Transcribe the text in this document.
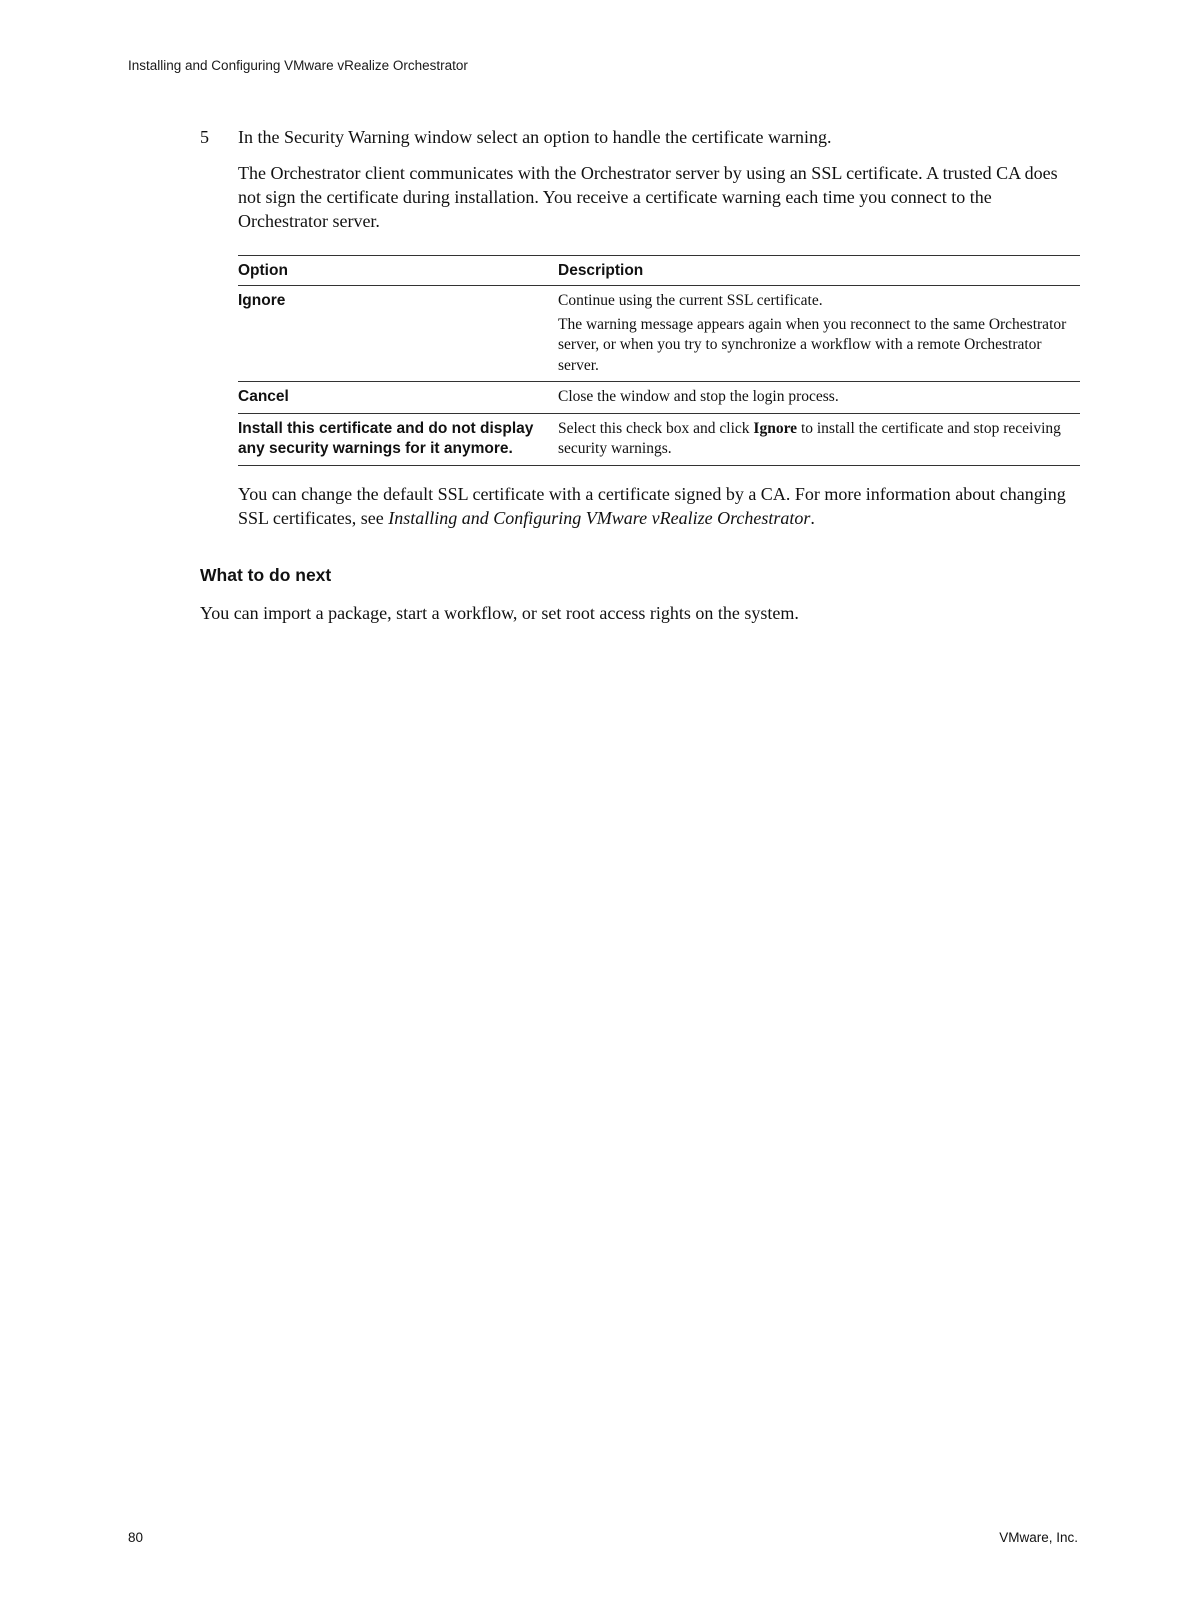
Installing and Configuring VMware vRealize Orchestrator
5 In the Security Warning window select an option to handle the certificate warning.
The Orchestrator client communicates with the Orchestrator server by using an SSL certificate. A trusted CA does not sign the certificate during installation. You receive a certificate warning each time you connect to the Orchestrator server.
Option	Description
Ignore	Continue using the current SSL certificate.

The warning message appears again when you reconnect to the same Orchestrator server, or when you try to synchronize a workflow with a remote Orchestrator server.

Cancel	Close the window and stop the login process.

Install this certificate and do not display any security warnings for it anymore.	Select this check box and click Ignore to install the certificate and stop receiving security warnings.

You can change the default SSL certificate with a certificate signed by a CA. For more information about changing SSL certificates, see Installing and Configuring VMware vRealize Orchestrator.
What to do next
You can import a package, start a workflow, or set root access rights on the system.
80	VMware, Inc.
